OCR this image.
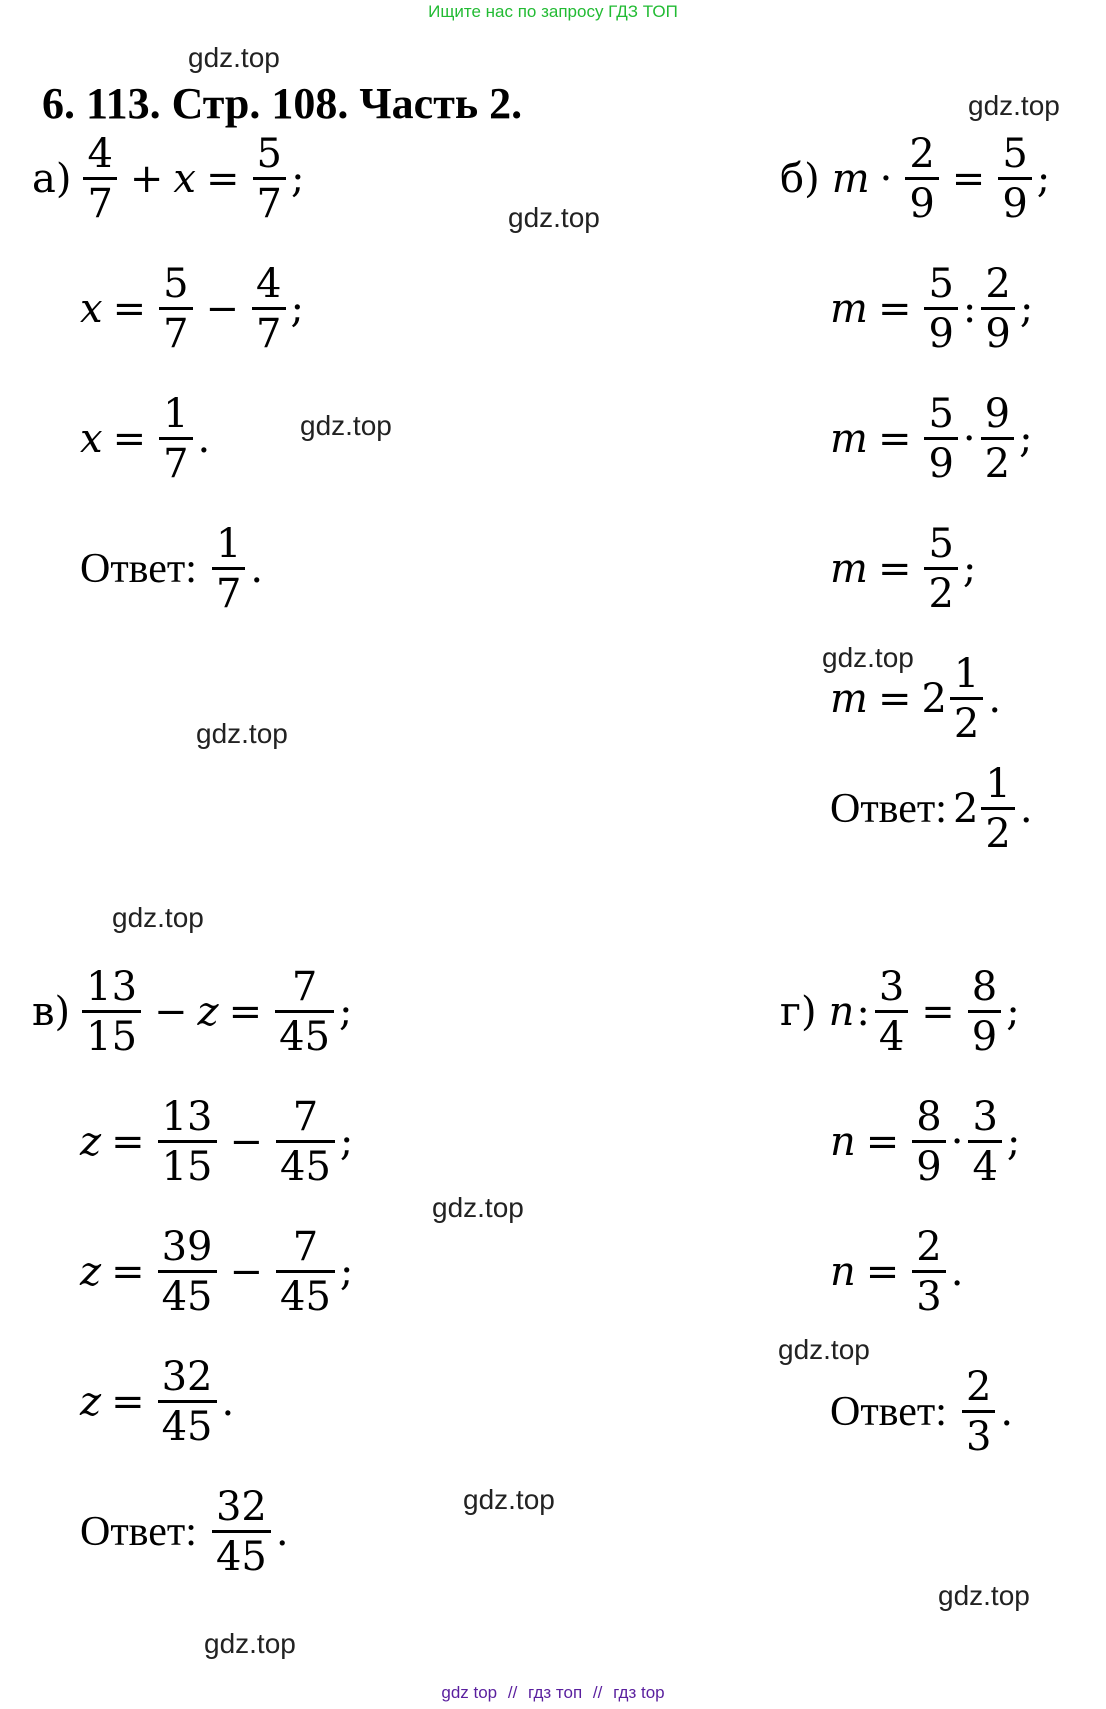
Ищите нас по запросу ГДЗ ТОП
6. 113. Стр. 108. Часть 2.
gdz.top
gdz.top
gdz.top
gdz.top
gdz.top
gdz.top
gdz.top
gdz.top
gdz.top
gdz.top
gdz.top
gdz.top
$а) \frac{4}{7} + x = \frac{5}{7}$ ;
$x = \frac{5}{7} - \frac{4}{7}$ ;
$x = \frac{1}{7}$ .
Ответ: $\frac{1}{7}$ .
б) $m \cdot \frac{2}{9} = \frac{5}{9}$ ;
$m = \frac{5}{9}$ : $\frac{2}{9}$ ;
$m = \frac{5}{9} \cdot \frac{9}{2}$ ;
$m = \frac{5}{2}$ ;
$m = 2 \frac{1}{2}$ .
Ответ: $2 \frac{1}{2}$ .
$в) \frac{13}{15} - z = \frac{7}{45}$ ;
$z = \frac{13}{15} - \frac{7}{45}$ ;
$z = \frac{39}{45} - \frac{7}{45}$ ;
$z = \frac{32}{45}$ .
Ответ: $\frac{32}{45}$ .
г) n : $\frac{3}{4} = \frac{8}{9}$ ;
$n = \frac{8}{9} \cdot \frac{3}{4}$ ;
$n = \frac{2}{3}$ .
Ответ: $\frac{2}{3}$ .
gdz top // гдз топ // гдз top
